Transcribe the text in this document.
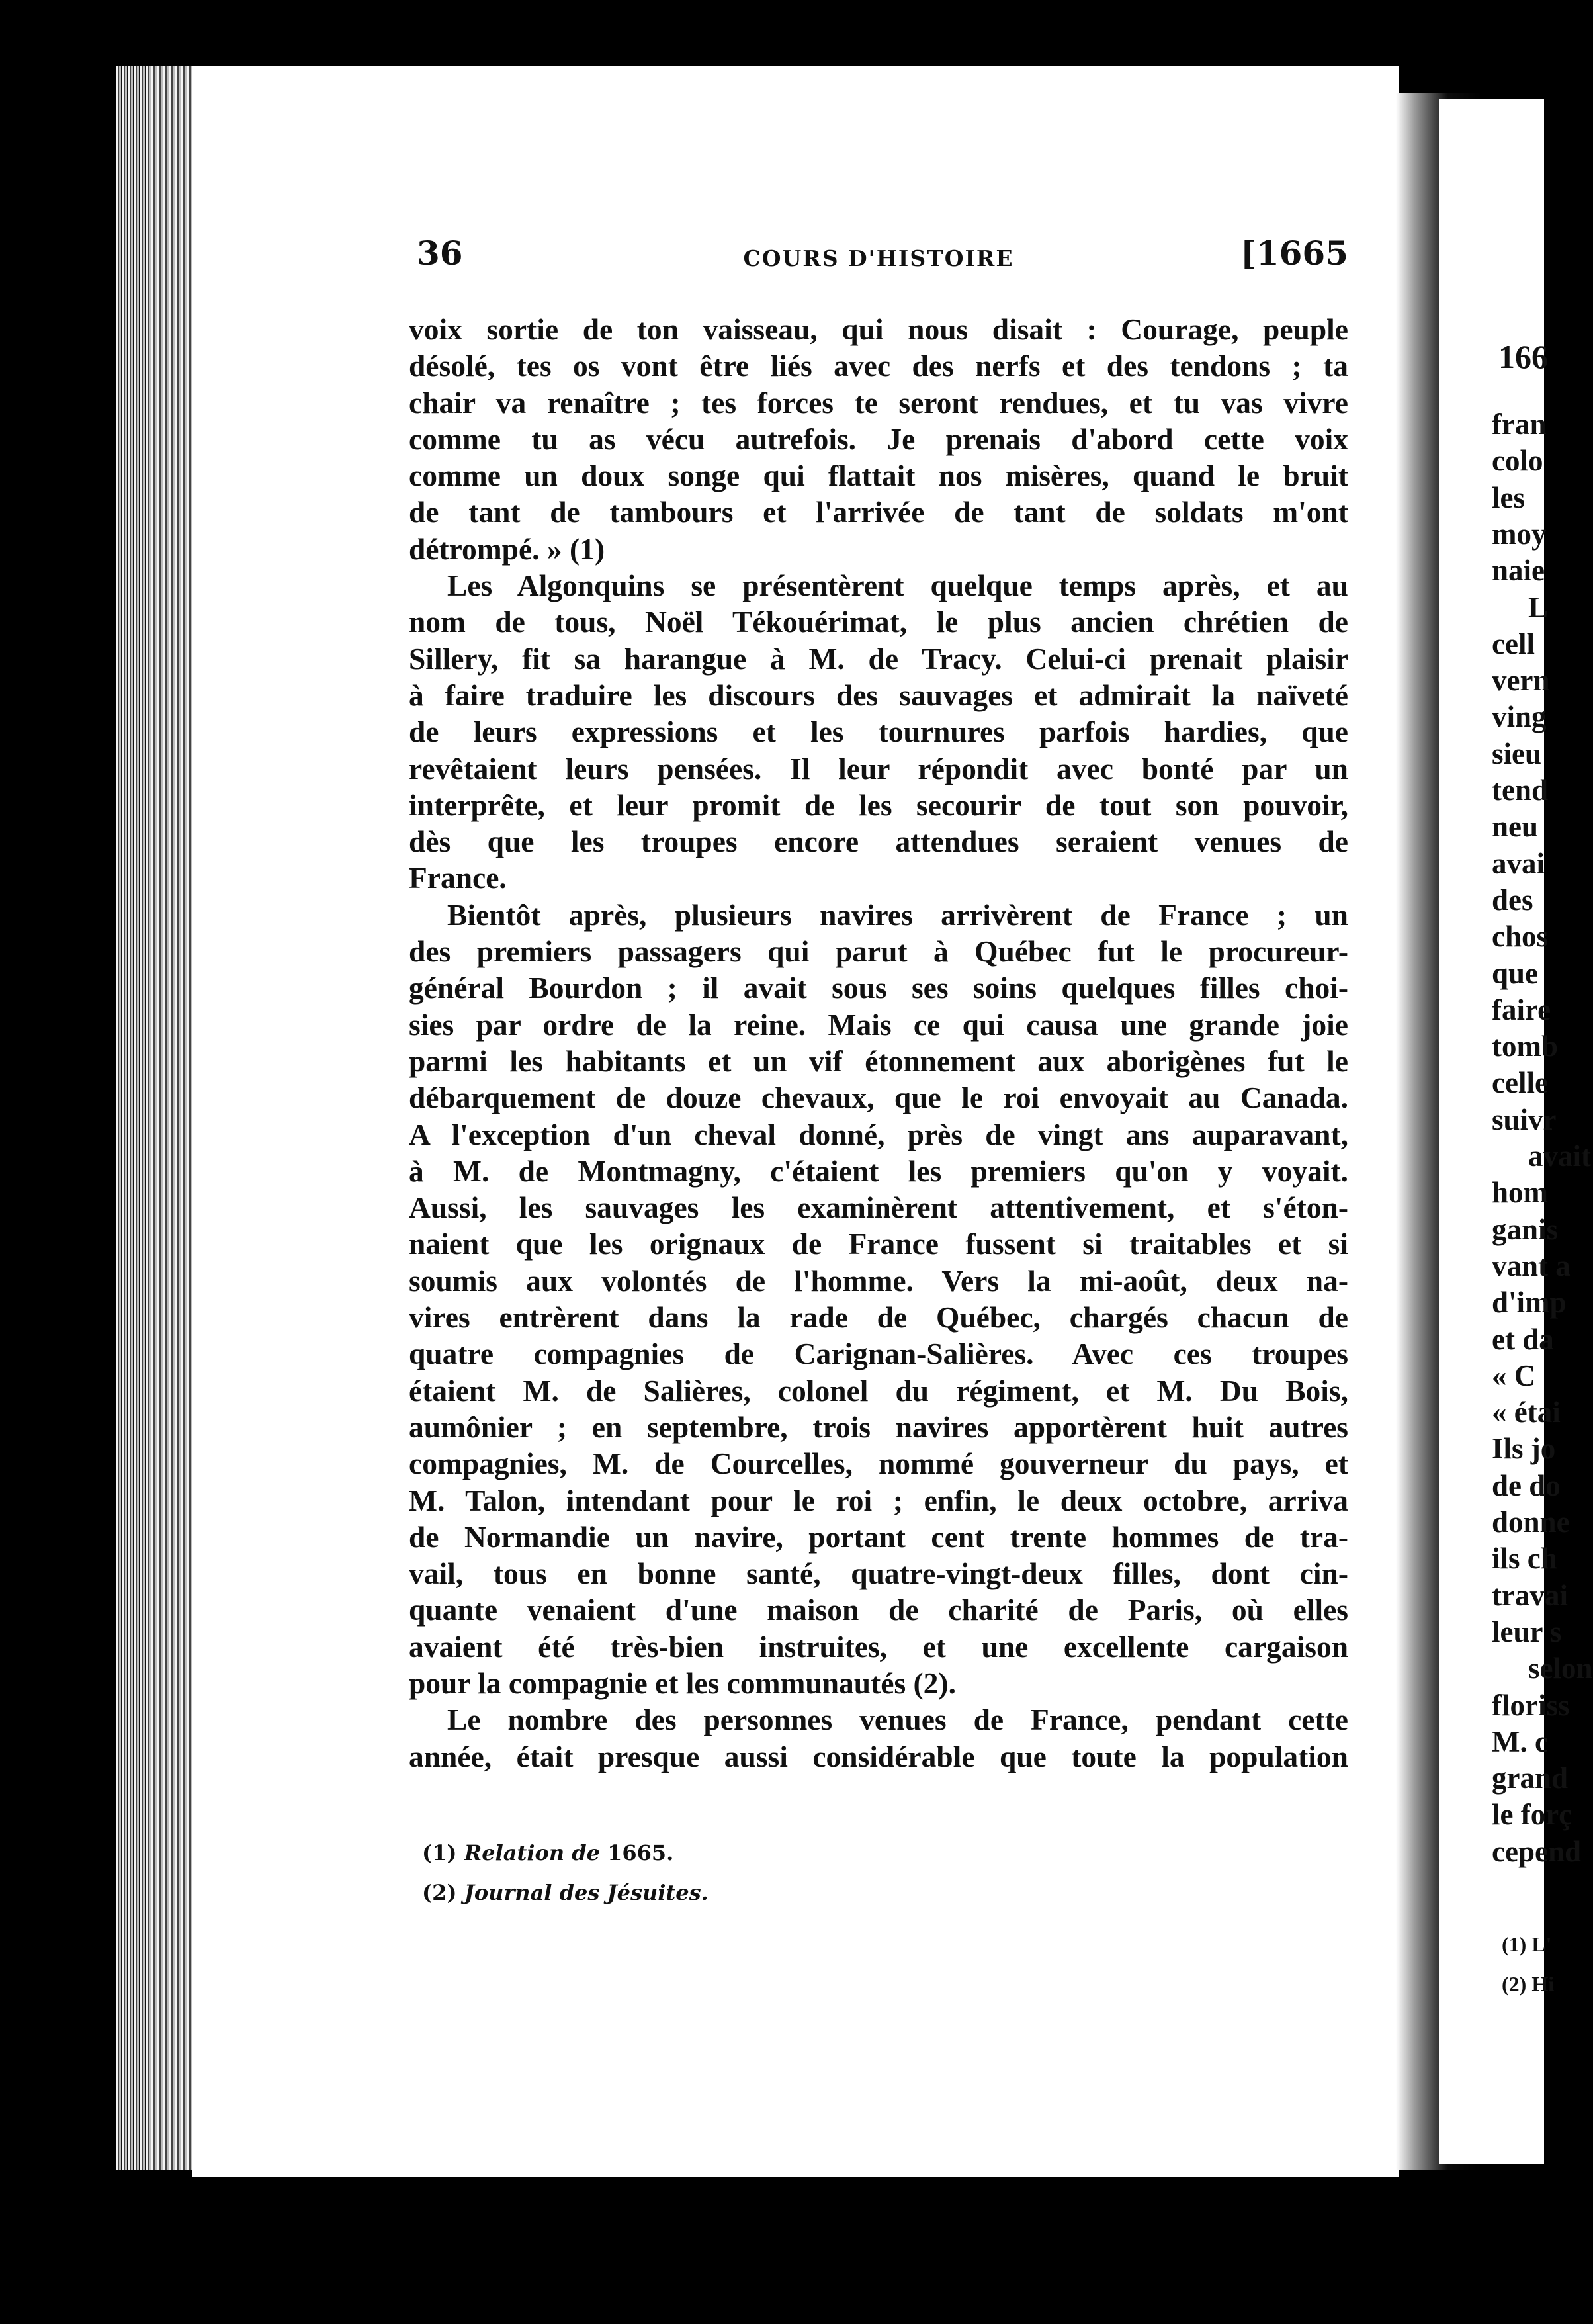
166
fran
colo
les
moy
naie
L
cell
vern
ving
sieu
tend
neu
avai
des
chos
que
faire
tomb
celle
suivr
avait
hom
ganis
vant a
d'imp
et da
« C
« étai
Ils jo
de do
donne
ils ch
travai
leur s
selon
floriss
M. c
grand
le forç
cepend
(1) L'
(2) Hi
36	COURS D'HISTOIRE	[1665
voix sortie de ton vaisseau, qui nous disait : Courage, peuple
désolé, tes os vont être liés avec des nerfs et des tendons ; ta
chair va renaître ; tes forces te seront rendues, et tu vas vivre
comme tu as vécu autrefois. Je prenais d'abord cette voix
comme un doux songe qui flattait nos misères, quand le bruit
de tant de tambours et l'arrivée de tant de soldats m'ont
détrompé. » (1)
Les Algonquins se présentèrent quelque temps après, et au
nom de tous, Noël Tékouérimat, le plus ancien chrétien de
Sillery, fit sa harangue à M. de Tracy. Celui-ci prenait plaisir
à faire traduire les discours des sauvages et admirait la naïveté
de leurs expressions et les tournures parfois hardies, que
revêtaient leurs pensées. Il leur répondit avec bonté par un
interprête, et leur promit de les secourir de tout son pouvoir,
dès que les troupes encore attendues seraient venues de
France.
Bientôt après, plusieurs navires arrivèrent de France ; un
des premiers passagers qui parut à Québec fut le procureur-
général Bourdon ; il avait sous ses soins quelques filles choi-
sies par ordre de la reine. Mais ce qui causa une grande joie
parmi les habitants et un vif étonnement aux aborigènes fut le
débarquement de douze chevaux, que le roi envoyait au Canada.
A l'exception d'un cheval donné, près de vingt ans auparavant,
à M. de Montmagny, c'étaient les premiers qu'on y voyait.
Aussi, les sauvages les examinèrent attentivement, et s'éton-
naient que les orignaux de France fussent si traitables et si
soumis aux volontés de l'homme. Vers la mi-août, deux na-
vires entrèrent dans la rade de Québec, chargés chacun de
quatre compagnies de Carignan-Salières. Avec ces troupes
étaient M. de Salières, colonel du régiment, et M. Du Bois,
aumônier ; en septembre, trois navires apportèrent huit autres
compagnies, M. de Courcelles, nommé gouverneur du pays, et
M. Talon, intendant pour le roi ; enfin, le deux octobre, arriva
de Normandie un navire, portant cent trente hommes de tra-
vail, tous en bonne santé, quatre-vingt-deux filles, dont cin-
quante venaient d'une maison de charité de Paris, où elles
avaient été très-bien instruites, et une excellente cargaison
pour la compagnie et les communautés (2).
Le nombre des personnes venues de France, pendant cette
année, était presque aussi considérable que toute la population
(1) Relation de 1665.
(2) Journal des Jésuites.
